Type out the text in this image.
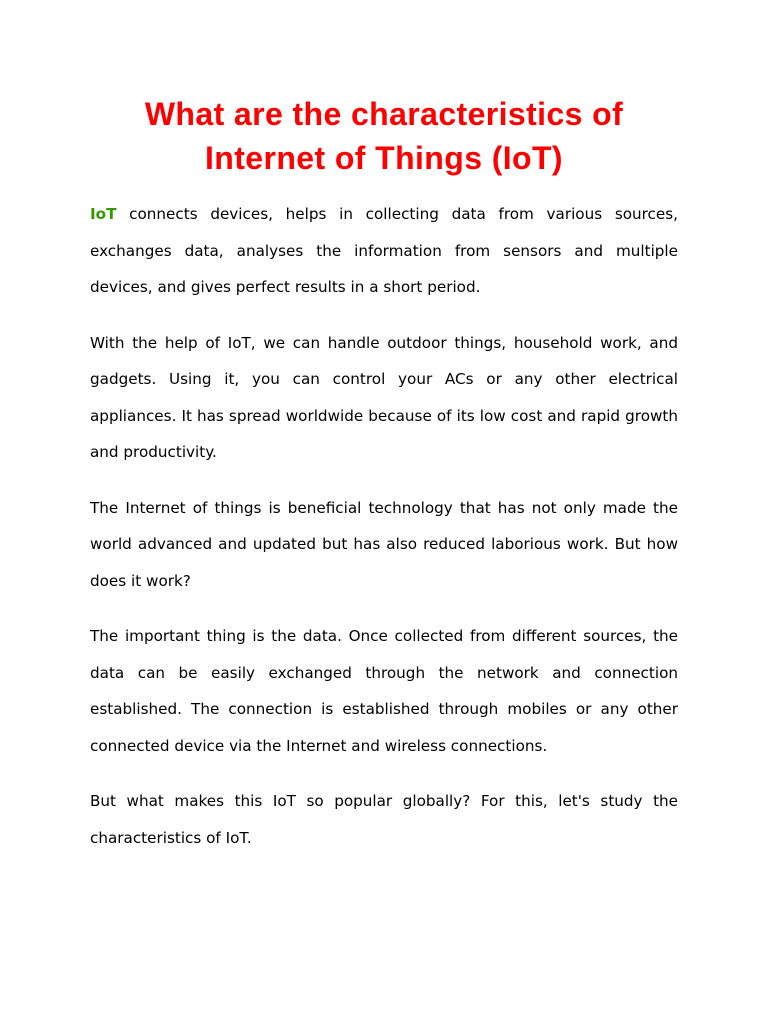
What are the characteristics of Internet of Things (IoT)

IoT connects devices, helps in collecting data from various sources, exchanges data, analyses the information from sensors and multiple devices, and gives perfect results in a short period.

With the help of IoT, we can handle outdoor things, household work, and gadgets. Using it, you can control your ACs or any other electrical appliances. It has spread worldwide because of its low cost and rapid growth and productivity.

The Internet of things is beneficial technology that has not only made the world advanced and updated but has also reduced laborious work. But how does it work?

The important thing is the data. Once collected from different sources, the data can be easily exchanged through the network and connection established. The connection is established through mobiles or any other connected device via the Internet and wireless connections.

But what makes this IoT so popular globally? For this, let's study the characteristics of IoT.
